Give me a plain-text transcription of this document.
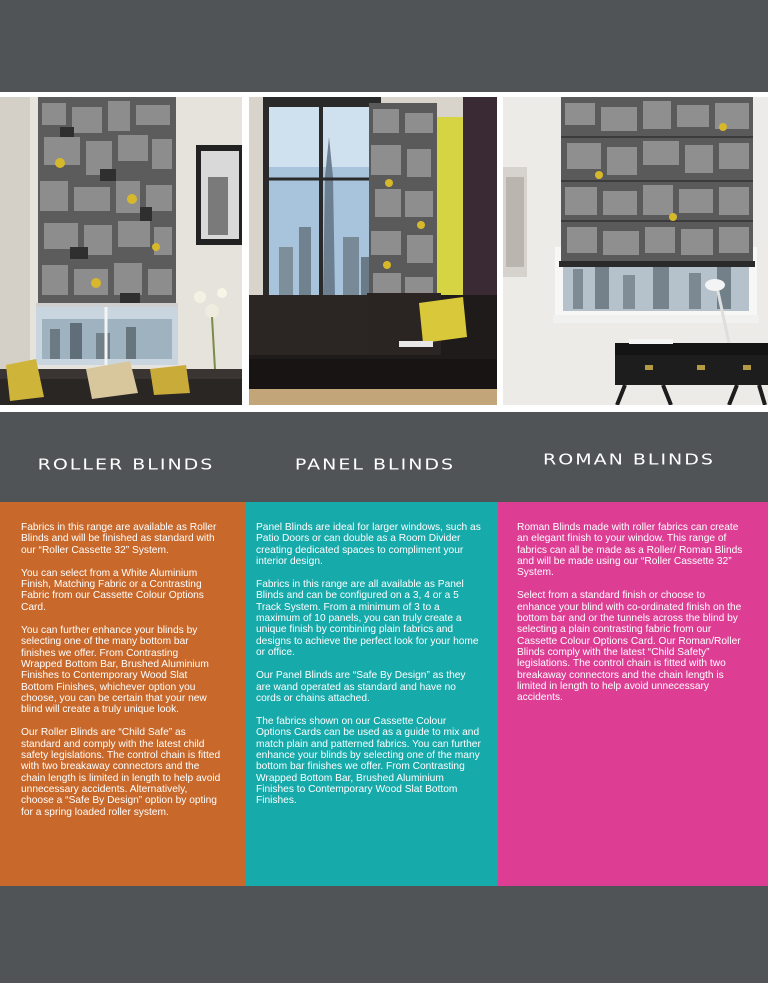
ROLLER BLINDS	PANEL BLINDS	ROMAN BLINDS

Fabrics in this range are available as Roller Blinds and will be finished as standard with our “Roller Cassette 32” System.

You can select from a White Aluminium Finish, Matching Fabric or a Contrasting Fabric from our Cassette Colour Options Card.

You can further enhance your blinds by selecting one of the many bottom bar finishes we offer. From Contrasting Wrapped Bottom Bar, Brushed Aluminium Finishes to Contemporary Wood Slat Bottom Finishes, whichever option you choose, you can be certain that your new blind will create a truly unique look.

Our Roller Blinds are “Child Safe” as standard and comply with the latest child safety legislations. The control chain is fitted with two breakaway connectors and the chain length is limited in length to help avoid unnecessary accidents. Alternatively, choose a “Safe By Design” option by opting for a spring loaded roller system.

Panel Blinds are ideal for larger windows, such as Patio Doors or can double as a Room Divider creating dedicated spaces to compliment your interior design.

Fabrics in this range are all available as Panel Blinds and can be configured on a 3, 4 or a 5 Track System. From a minimum of 3 to a maximum of 10 panels, you can truly create a unique finish by combining plain fabrics and designs to achieve the perfect look for your home or office.

Our Panel Blinds are “Safe By Design” as they are wand operated as standard and have no cords or chains attached.

The fabrics shown on our Cassette Colour Options Cards can be used as a guide to mix and match plain and patterned fabrics. You can further enhance your blinds by selecting one of the many bottom bar finishes we offer. From Contrasting Wrapped Bottom Bar, Brushed Aluminium Finishes to Contemporary Wood Slat Bottom Finishes.

Roman Blinds made with roller fabrics can create an elegant finish to your window. This range of fabrics can all be made as a Roller/ Roman Blinds and will be made using our “Roller Cassette 32” System.

Select from a standard finish or choose to enhance your blind with co-ordinated finish on the bottom bar and or the tunnels across the blind by selecting a plain contrasting fabric from our Cassette Colour Options Card. Our Roman/Roller Blinds comply with the latest “Child Safety” legislations. The control chain is fitted with two breakaway connectors and the chain length is limited in length to help avoid unnecessary accidents.
